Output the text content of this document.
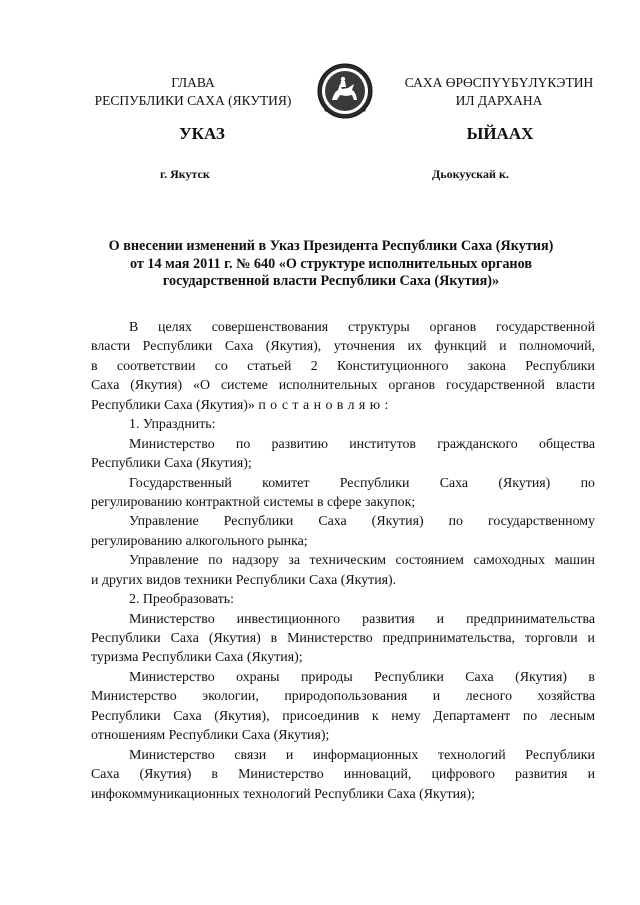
ГЛАВА
РЕСПУБЛИКИ САХА (ЯКУТИЯ)
САХА ӨРӨСПҮҮБҮЛҮКЭТИН
ИЛ ДАРХАНА
УКАЗ	ЫЙААХ
г. Якутск	Дьокуускай к.
О внесении изменений в Указ Президента Республики Саха (Якутия)
от 14 мая 2011 г. № 640 «О структуре исполнительных органов
государственной власти Республики Саха (Якутия)»
В целях совершенствования структуры органов государственной
власти Республики Саха (Якутия), уточнения их функций и полномочий,
в соответствии со статьей 2 Конституционного закона Республики
Саха (Якутия) «О системе исполнительных органов государственной власти
Республики Саха (Якутия)» постановляю:
1. Упразднить:
Министерство по развитию институтов гражданского общества
Республики Саха (Якутия);
Государственный комитет Республики Саха (Якутия) по
регулированию контрактной системы в сфере закупок;
Управление Республики Саха (Якутия) по государственному
регулированию алкогольного рынка;
Управление по надзору за техническим состоянием самоходных машин
и других видов техники Республики Саха (Якутия).
2. Преобразовать:
Министерство инвестиционного развития и предпринимательства
Республики Саха (Якутия) в Министерство предпринимательства, торговли и
туризма Республики Саха (Якутия);
Министерство охраны природы Республики Саха (Якутия) в
Министерство экологии, природопользования и лесного хозяйства
Республики Саха (Якутия), присоединив к нему Департамент по лесным
отношениям Республики Саха (Якутия);
Министерство связи и информационных технологий Республики
Саха (Якутия) в Министерство инноваций, цифрового развития и
инфокоммуникационных технологий Республики Саха (Якутия);
